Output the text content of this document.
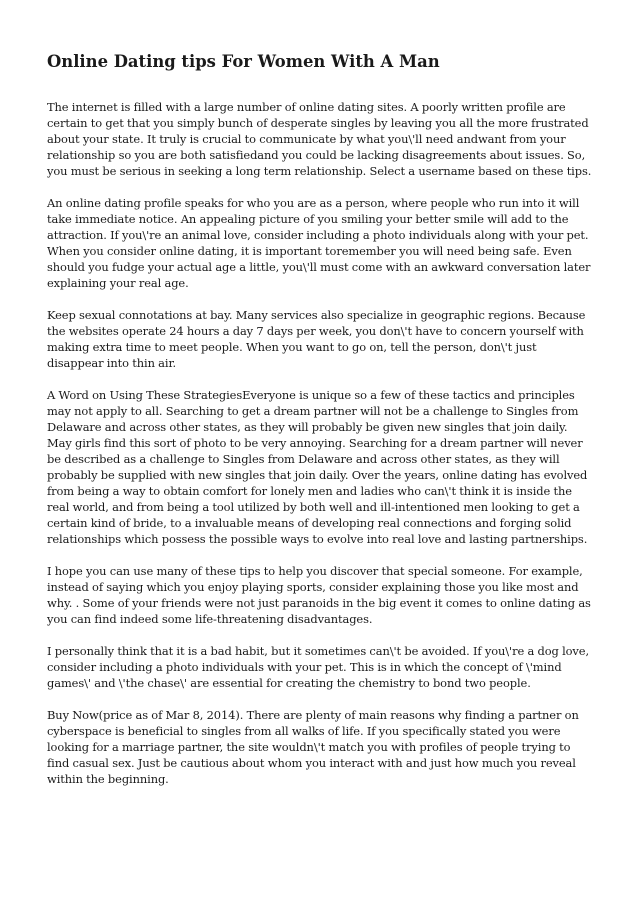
Online Dating tips For Women With A Man

The internet is filled with a large number of online dating sites. A poorly written profile are certain to get that you simply bunch of desperate singles by leaving you all the more frustrated about your state. It truly is crucial to communicate by what you\'ll need andwant from your relationship so you are both satisfiedand you could be lacking disagreements about issues. So, you must be serious in seeking a long term relationship. Select a username based on these tips.

An online dating profile speaks for who you are as a person, where people who run into it will take immediate notice. An appealing picture of you smiling your better smile will add to the attraction. If you\'re an animal love, consider including a photo individuals along with your pet. When you consider online dating, it is important toremember you will need being safe. Even should you fudge your actual age a little, you\'ll must come with an awkward conversation later explaining your real age.

Keep sexual connotations at bay. Many services also specialize in geographic regions. Because the websites operate 24 hours a day 7 days per week, you don\'t have to concern yourself with making extra time to meet people. When you want to go on, tell the person, don\'t just disappear into thin air.

A Word on Using These StrategiesEveryone is unique so a few of these tactics and principles may not apply to all. Searching to get a dream partner will not be a challenge to Singles from Delaware and across other states, as they will probably be given new singles that join daily. May girls find this sort of photo to be very annoying. Searching for a dream partner will never be described as a challenge to Singles from Delaware and across other states, as they will probably be supplied with new singles that join daily. Over the years, online dating has evolved from being a way to obtain comfort for lonely men and ladies who can\'t think it is inside the real world, and from being a tool utilized by both well and ill-intentioned men looking to get a certain kind of bride, to a invaluable means of developing real connections and forging solid relationships which possess the possible ways to evolve into real love and lasting partnerships.

I hope you can use many of these tips to help you discover that special someone. For example, instead of saying which you enjoy playing sports, consider explaining those you like most and why. . Some of your friends were not just paranoids in the big event it comes to online dating as you can find indeed some life-threatening disadvantages.

I personally think that it is a bad habit, but it sometimes can\'t be avoided. If you\'re a dog love, consider including a photo individuals with your pet. This is in which the concept of \'mind games\' and \'the chase\' are essential for creating the chemistry to bond two people.

Buy Now(price as of Mar 8, 2014). There are plenty of main reasons why finding a partner on cyberspace is beneficial to singles from all walks of life. If you specifically stated you were looking for a marriage partner, the site wouldn\'t match you with profiles of people trying to find casual sex. Just be cautious about whom you interact with and just how much you reveal within the beginning.
